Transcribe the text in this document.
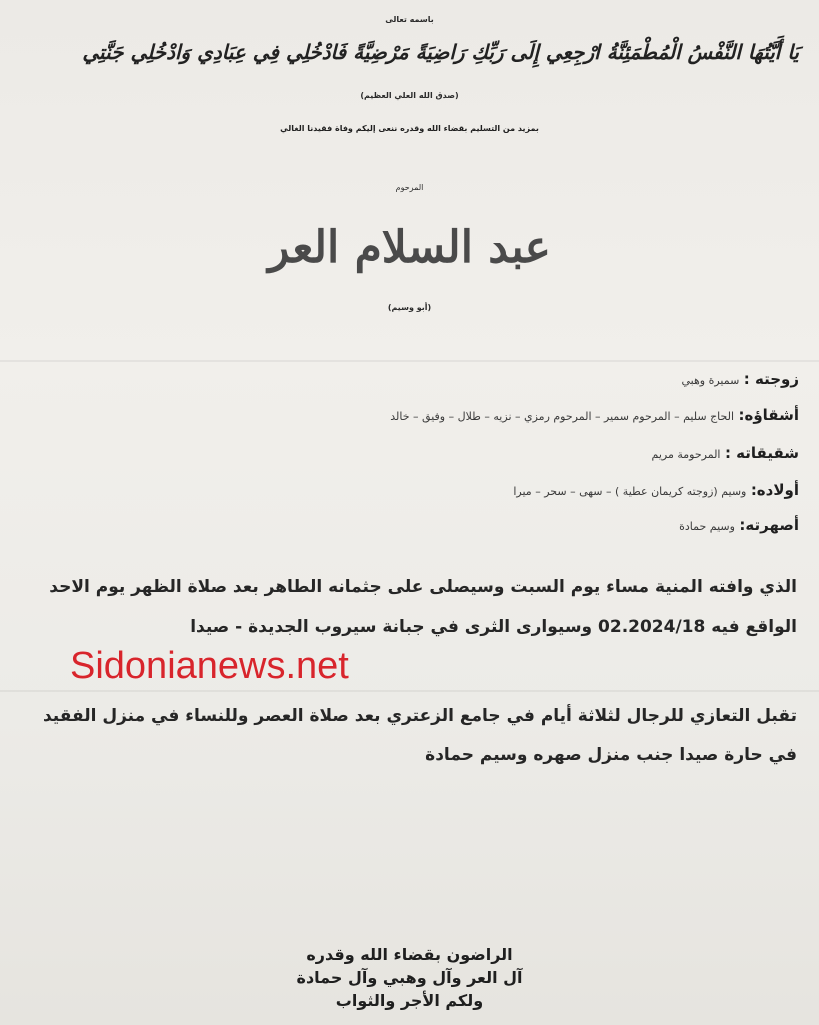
باسمه تعالى
يَا أَيَّتُهَا النَّفْسُ الْمُطْمَئِنَّةُ ارْجِعِي إِلَى رَبِّكِ رَاضِيَةً مَرْضِيَّةً فَادْخُلِي فِي عِبَادِي وَادْخُلِي جَنَّتِي
(صدق الله العلي العظيم)
بمزيد من التسليم بقضاء الله وقدره ننعى إليكم وفاة فقيدنا الغالي
المرحوم
عبد السلام العر
(أبو وسيم)
زوجته : سميرة وهبي
أشقاؤه: الحاج سليم – المرحوم سمير – المرحوم رمزي – نزيه – طلال – وفيق – خالد
شقيقاته : المرحومة مريم
أولاده: وسيم (زوجته كريمان عطية ) – سهى – سحر – ميرا
أصهرته: وسيم حمادة
الذي وافته المنية مساء يوم السبت وسيصلى على جثمانه الطاهر بعد صلاة الظهر يوم الاحد
الواقع فيه 02.2024/18 وسيوارى الثرى في جبانة سيروب الجديدة - صيدا
Sidonianews.net
تقبل التعازي للرجال لثلاثة أيام في جامع الزعتري بعد صلاة العصر وللنساء في منزل الفقيد
في حارة صيدا جنب منزل صهره وسيم حمادة
الراضون بقضاء الله وقدره
آل العر وآل وهبي وآل حمادة
ولكم الأجر والثواب
